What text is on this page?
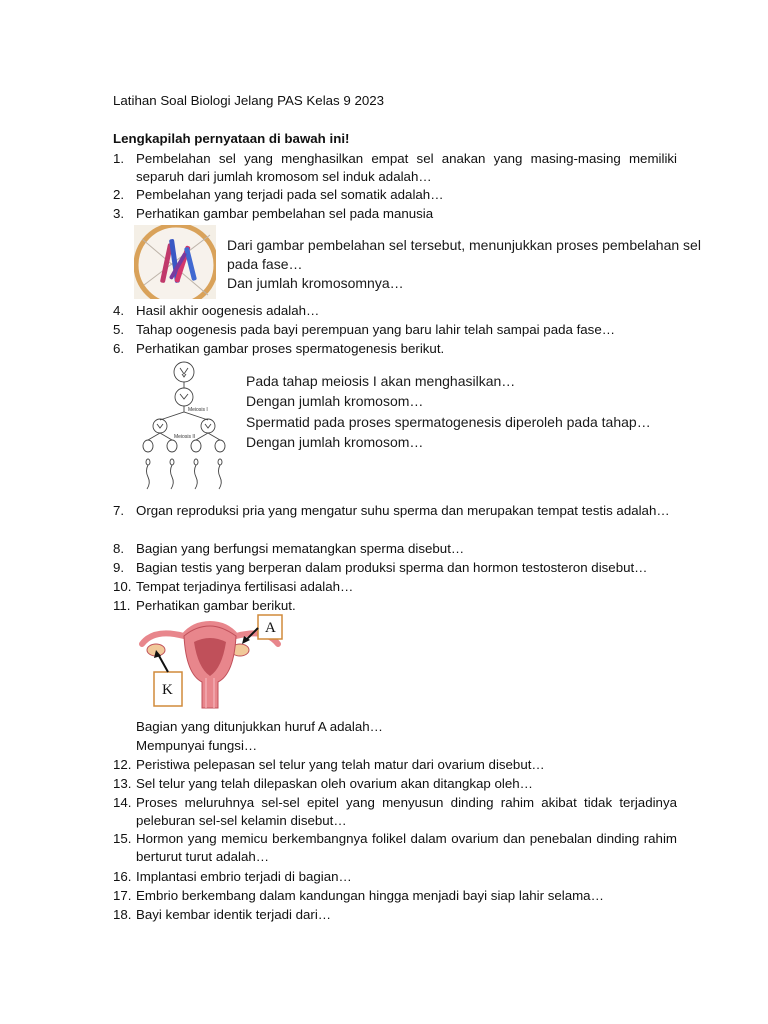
Latihan Soal Biologi Jelang PAS Kelas 9 2023
Lengkapilah pernyataan di bawah ini!
1. Pembelahan sel yang menghasilkan empat sel anakan yang masing-masing memiliki separuh dari jumlah kromosom sel induk adalah…
2. Pembelahan yang terjadi pada sel somatik adalah…
3. Perhatikan gambar pembelahan sel pada manusia
Dari gambar pembelahan sel tersebut, menunjukkan proses pembelahan sel pada fase…
Dan jumlah kromosomnya…
4. Hasil akhir oogenesis adalah…
5. Tahap oogenesis pada bayi perempuan yang baru lahir telah sampai pada fase…
6. Perhatikan gambar proses spermatogenesis berikut.
Meiosis I
Meiosis II
Pada tahap meiosis I akan menghasilkan…
Dengan jumlah kromosom…
Spermatid pada proses spermatogenesis diperoleh pada tahap…
Dengan jumlah kromosom…
7. Organ reproduksi pria yang mengatur suhu sperma dan merupakan tempat testis adalah…
8. Bagian yang berfungsi mematangkan sperma disebut…
9. Bagian testis yang berperan dalam produksi sperma dan hormon testosteron disebut…
10. Tempat terjadinya fertilisasi adalah…
11. Perhatikan gambar berikut.
A
K
Bagian yang ditunjukkan huruf A adalah…
Mempunyai fungsi…
12. Peristiwa pelepasan sel telur yang telah matur dari ovarium disebut…
13. Sel telur yang telah dilepaskan oleh ovarium akan ditangkap oleh…
14. Proses meluruhnya sel-sel epitel yang menyusun dinding rahim akibat tidak terjadinya peleburan sel-sel kelamin disebut…
15. Hormon yang memicu berkembangnya folikel dalam ovarium dan penebalan dinding rahim berturut turut adalah…
16. Implantasi embrio terjadi di bagian…
17. Embrio berkembang dalam kandungan hingga menjadi bayi siap lahir selama…
18. Bayi kembar identik terjadi dari…
